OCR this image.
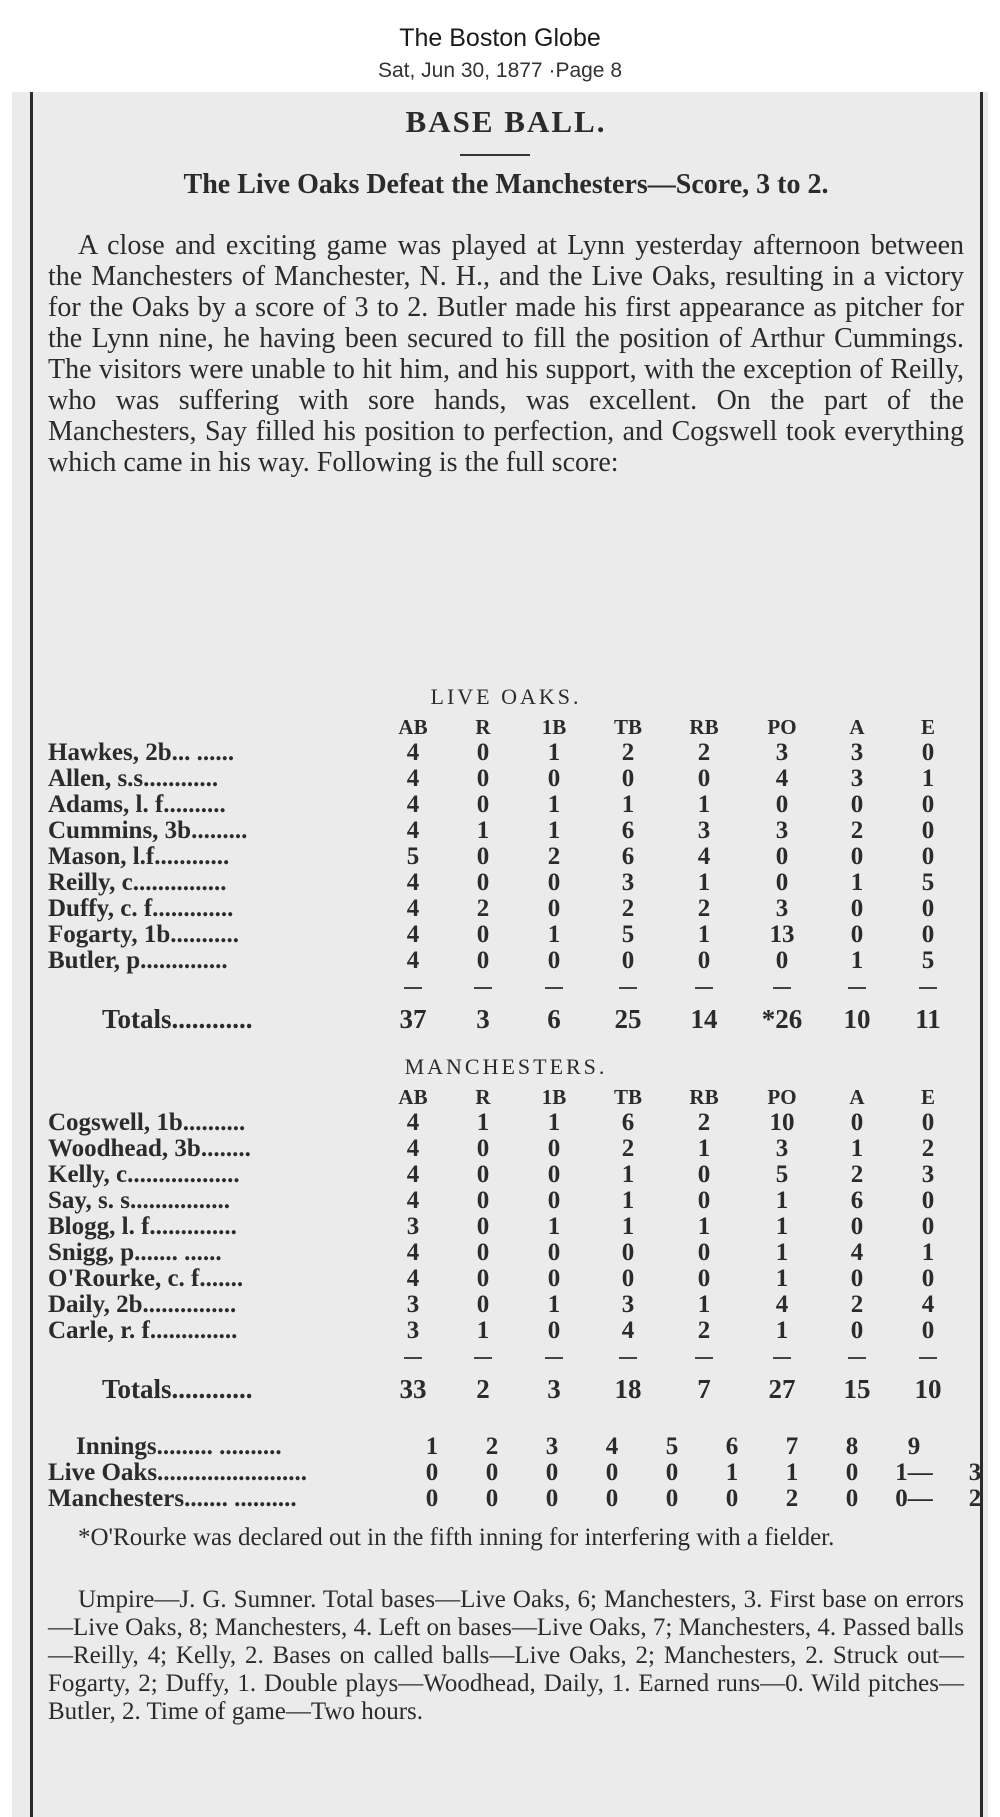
The Boston Globe
Sat, Jun 30, 1877 ·Page 8
BASE BALL.
The Live Oaks Defeat the Manchesters—Score, 3 to 2.

A close and exciting game was played at Lynn yesterday afternoon between the Manchesters of Manchester, N. H., and the Live Oaks, resulting in a victory for the Oaks by a score of 3 to 2. Butler made his first appearance as pitcher for the Lynn nine, he having been secured to fill the position of Arthur Cummings. The visitors were unable to hit him, and his support, with the exception of Reilly, who was suffering with sore hands, was excellent. On the part of the Manchesters, Say filled his position to perfection, and Cogswell took everything which came in his way. Following is the full score:

LIVE OAKS.
	AB	R	1B	TB	RB	PO	A	E
Hawkes, 2b... ......	4	0	1	2	2	3	3	0
Allen, s.s............	4	0	0	0	0	4	3	1
Adams, l. f..........	4	0	1	1	1	0	0	0
Cummins, 3b.........	4	1	1	6	3	3	2	0
Mason, l.f............	5	0	2	6	4	0	0	0
Reilly, c...............	4	0	0	3	1	0	1	5
Duffy, c. f.............	4	2	0	2	2	3	0	0
Fogarty, 1b...........	4	0	1	5	1	13	0	0
Butler, p..............	4	0	0	0	0	0	1	5

Totals............	37	3	6	25	14	*26	10	11
MANCHESTERS.
	AB	R	1B	TB	RB	PO	A	E
Cogswell, 1b..........	4	1	1	6	2	10	0	0
Woodhead, 3b........	4	0	0	2	1	3	1	2
Kelly, c..................	4	0	0	1	0	5	2	3
Say, s. s................	4	0	0	1	0	1	6	0
Blogg, l. f..............	3	0	1	1	1	1	0	0
Snigg, p....... ......	4	0	0	0	0	1	4	1
O'Rourke, c. f.......	4	0	0	0	0	1	0	0
Daily, 2b...............	3	0	1	3	1	4	2	4
Carle, r. f..............	3	1	0	4	2	1	0	0

Totals............	33	2	3	18	7	27	15	10
Innings......... ..........	1	2	3	4	5	6	7	8	9	
Live Oaks........................	0	0	0	0	0	1	1	0	1—	3
Manchesters....... ..........	0	0	0	0	0	0	2	0	0—	2

*O'Rourke was declared out in the fifth inning for interfering with a fielder.

Umpire—J. G. Sumner. Total bases—Live Oaks, 6; Manchesters, 3. First base on errors—Live Oaks, 8; Manchesters, 4. Left on bases—Live Oaks, 7; Manchesters, 4. Passed balls—Reilly, 4; Kelly, 2. Bases on called balls—Live Oaks, 2; Manchesters, 2. Struck out—Fogarty, 2; Duffy, 1. Double plays—Woodhead, Daily, 1. Earned runs—0. Wild pitches—Butler, 2. Time of game—Two hours.
